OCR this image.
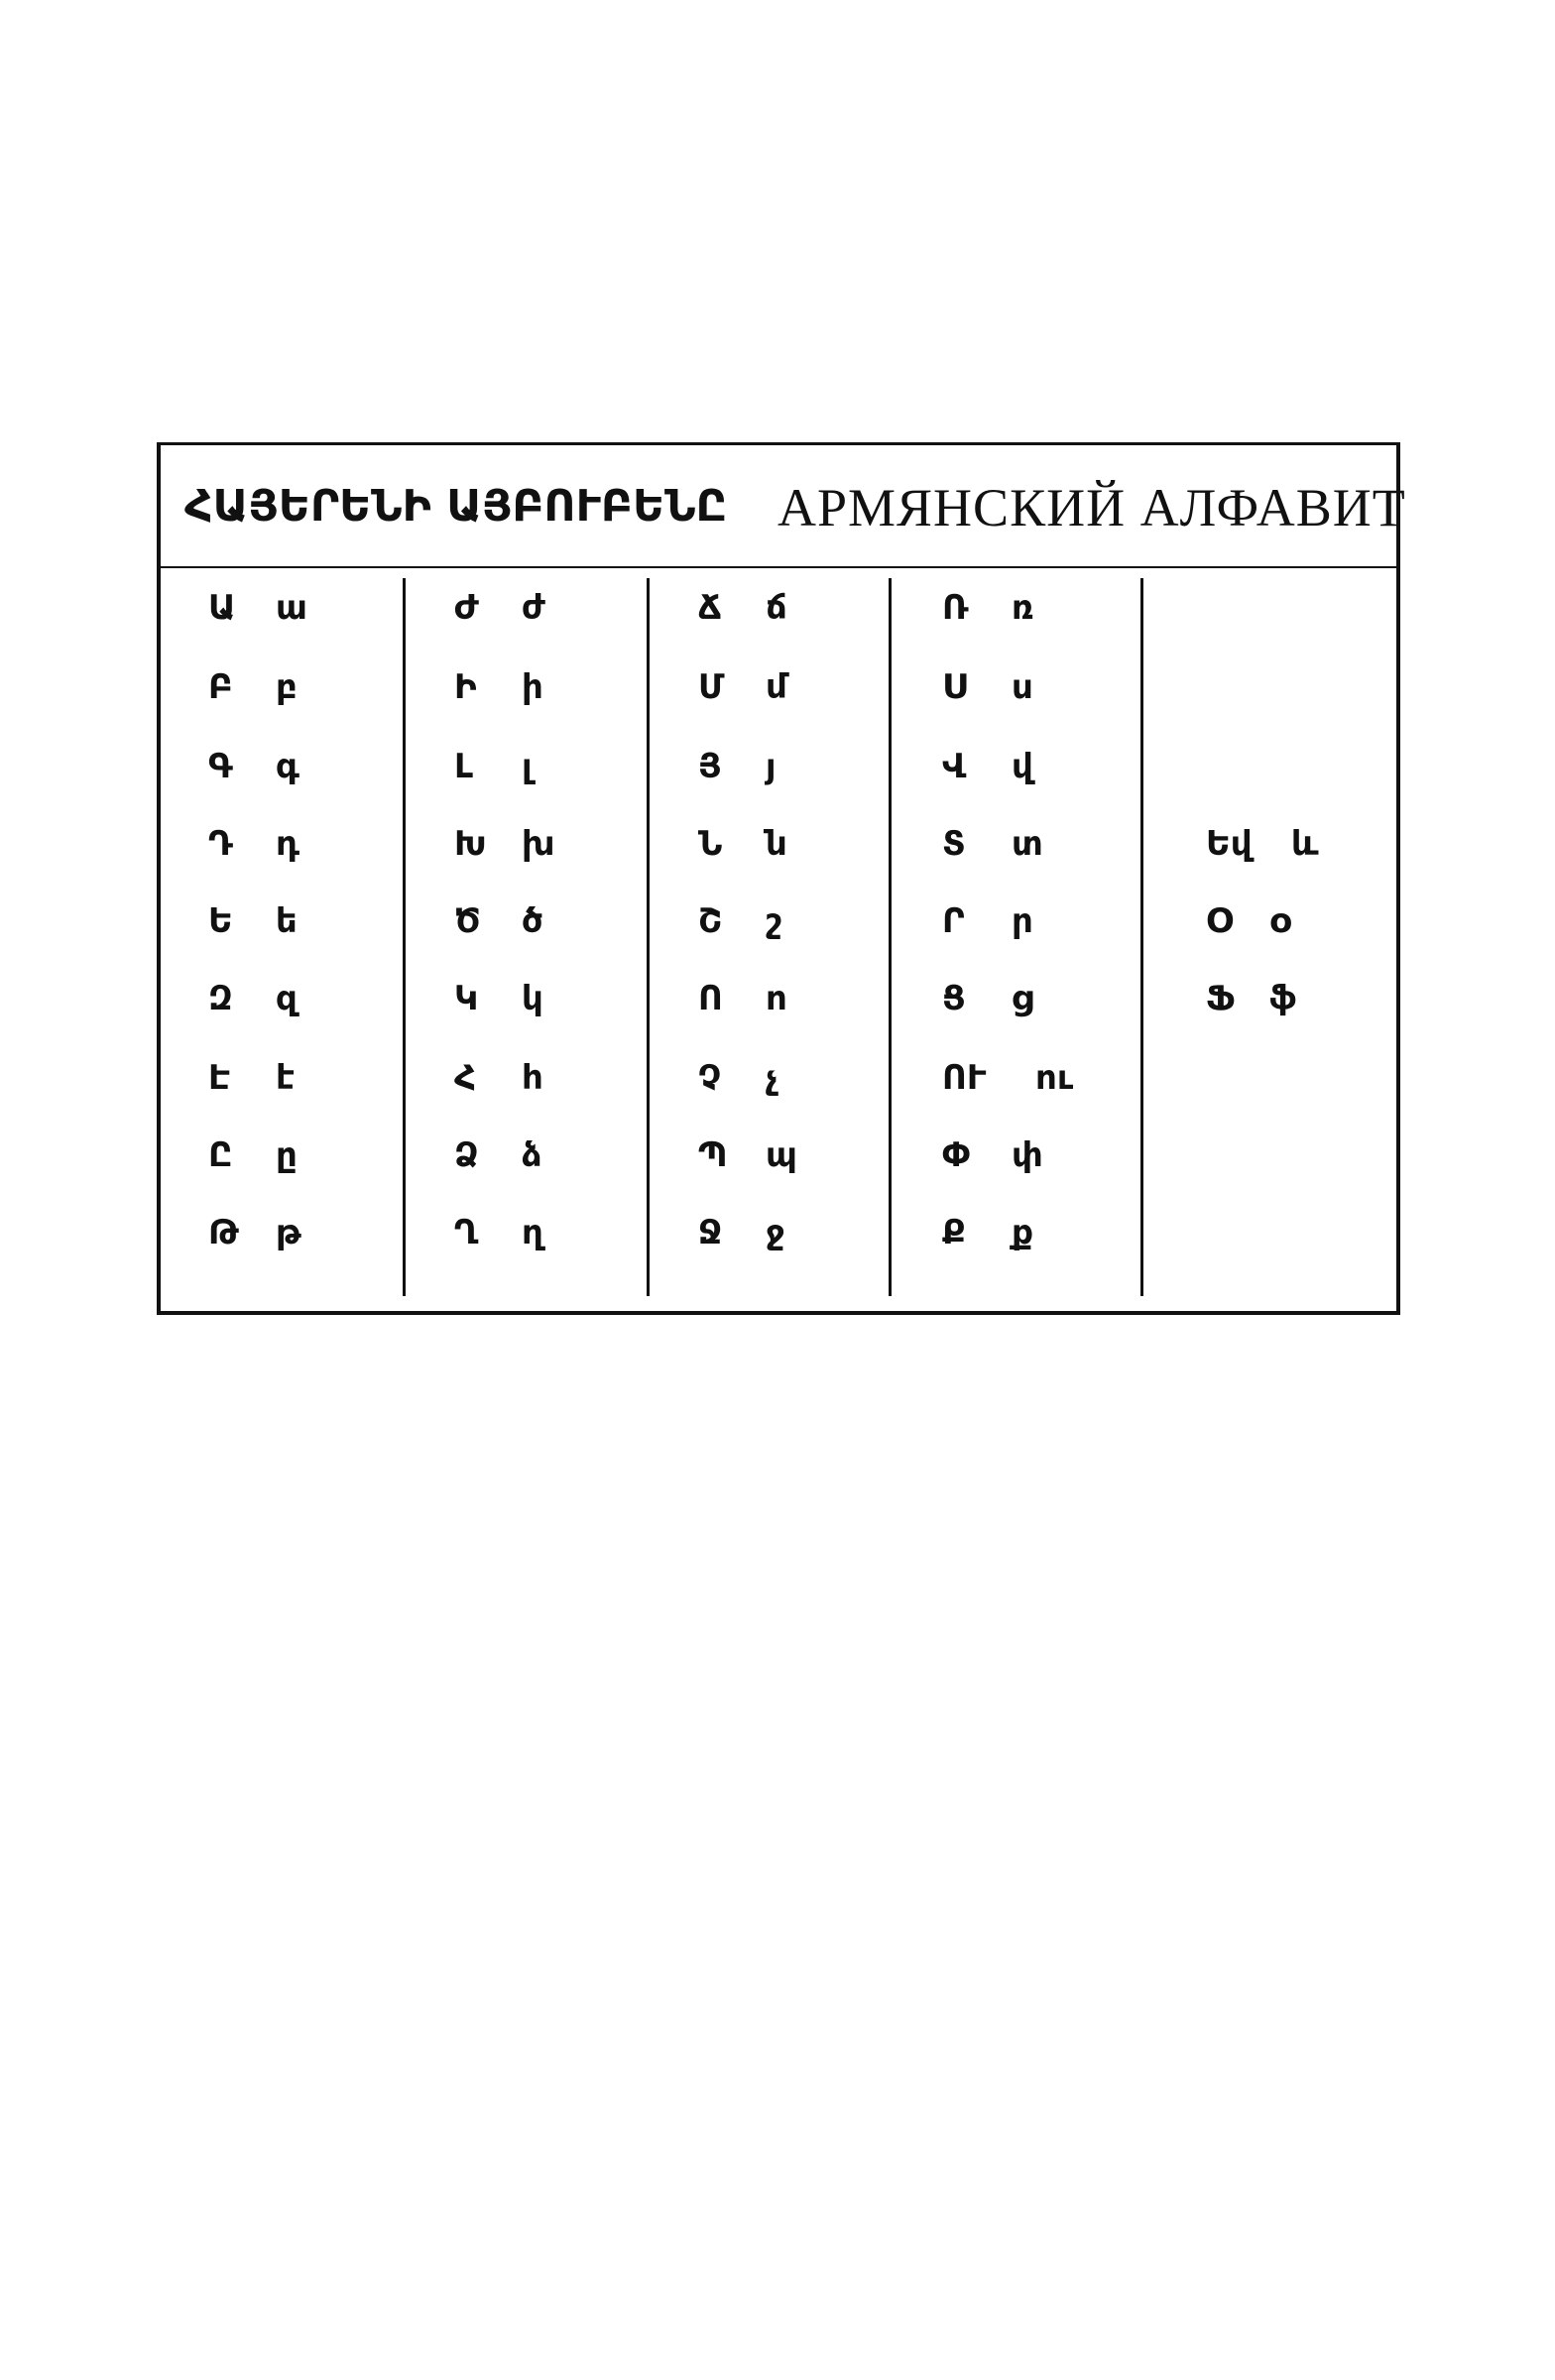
ՀԱՅԵՐԵՆԻ ԱՅԲՈՒԲԵՆԸ АРМЯНСКИЙ АЛФАВИТ
Ա ա
Բ բ
Գ գ
Դ դ
Ե ե
Զ զ
Է է
Ը ը
Թ թ
Ժ ժ
Ի ի
Լ լ
Խ խ
Ծ ծ
Կ կ
Հ հ
Ձ ձ
Ղ ղ
Ճ ճ
Մ մ
Յ յ
Ն ն
Շ շ
Ո ո
Չ չ
Պ պ
Ջ ջ
Ռ ռ
Ս ս
Վ վ
Տ տ
Ր ր
Ց ց
ՈՒ ու
Փ փ
Ք ք
Եվ և
Օ օ
Ֆ ֆ
